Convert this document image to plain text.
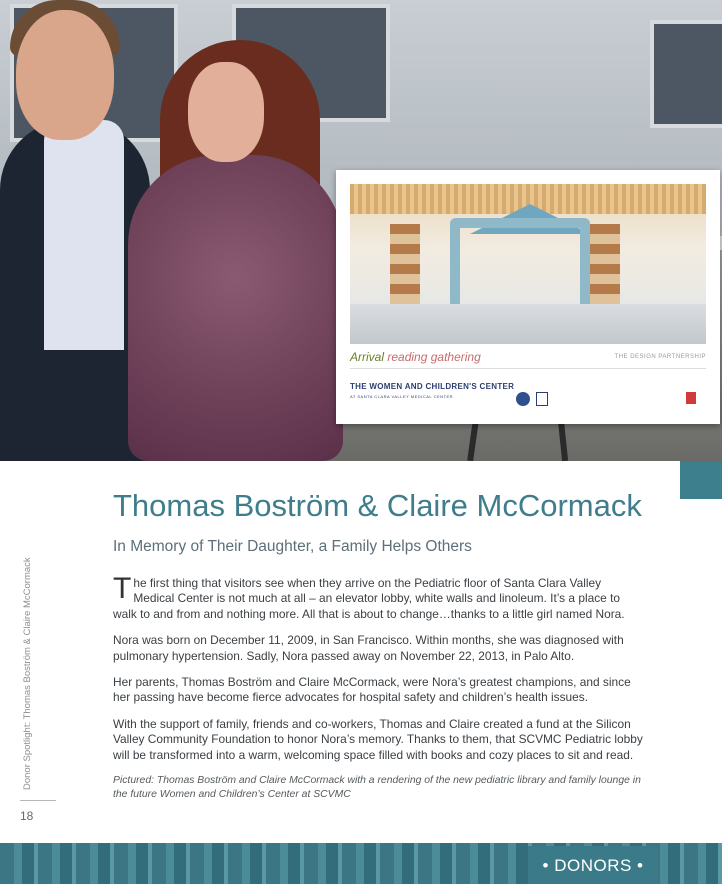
Arrival reading gathering	THE DESIGN PARTNERSHIP
THE WOMEN AND CHILDREN'S CENTER
AT SANTA CLARA VALLEY MEDICAL CENTER
Thomas Boström & Claire McCormack
In Memory of Their Daughter, a Family Helps Others
Donor Spotlight: Thomas Boström & Claire McCormack
18

The first thing that visitors see when they arrive on the Pediatric floor of Santa Clara Valley Medical Center is not much at all – an elevator lobby, white walls and linoleum. It’s a place to walk to and from and nothing more. All that is about to change…thanks to a little girl named Nora.

Nora was born on December 11, 2009, in San Francisco. Within months, she was diagnosed with pulmonary hypertension. Sadly, Nora passed away on November 22, 2013, in Palo Alto.

Her parents, Thomas Boström and Claire McCormack, were Nora’s greatest champions, and since her passing have become fierce advocates for hospital safety and children’s health issues.

With the support of family, friends and co-workers, Thomas and Claire created a fund at the Silicon Valley Community Foundation to honor Nora’s memory. Thanks to them, that SCVMC Pediatric lobby will be transformed into a warm, welcoming space filled with books and cozy places to sit and read.

Pictured: Thomas Boström and Claire McCormack with a rendering of the new pediatric library and family lounge in the future Women and Children’s Center at SCVMC

• DONORS •
